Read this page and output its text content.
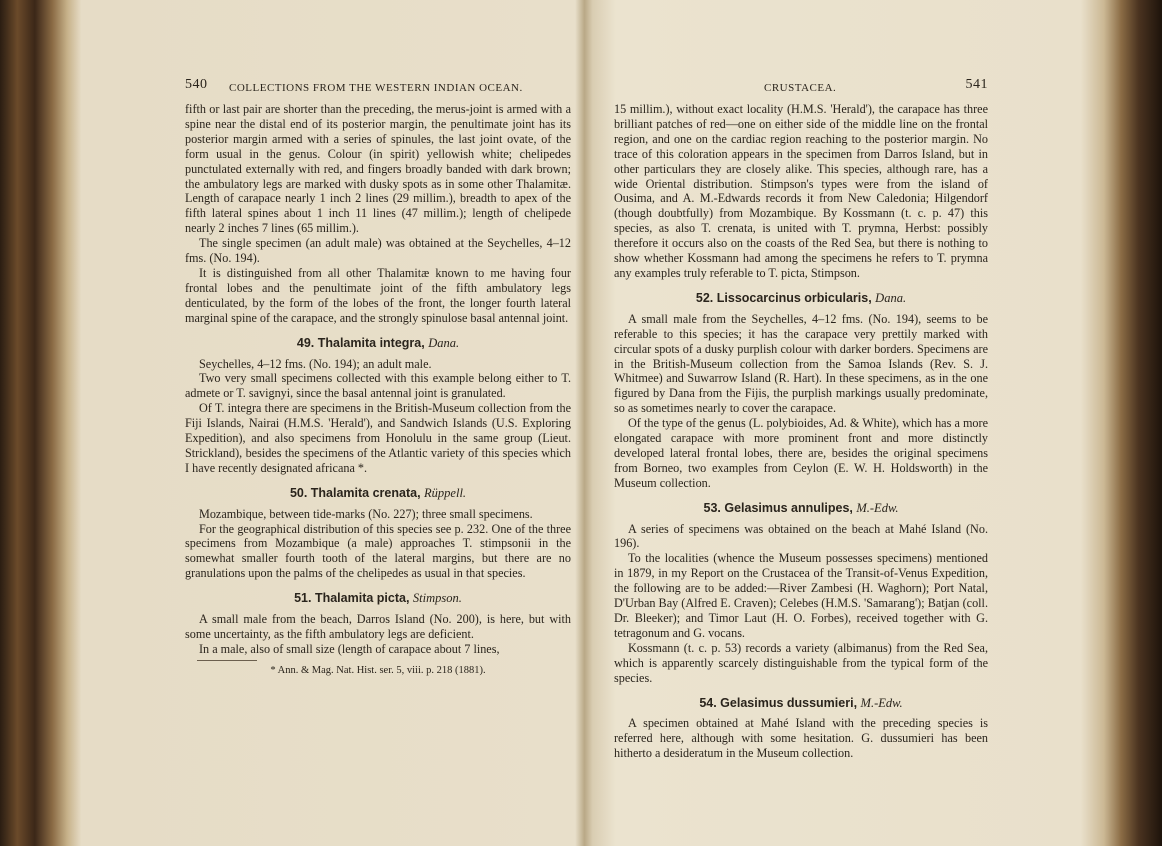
540 COLLECTIONS FROM THE WESTERN INDIAN OCEAN.

fifth or last pair are shorter than the preceding, the merus-joint is armed with a spine near the distal end of its posterior margin, the penultimate joint has its posterior margin armed with a series of spinules, the last joint ovate, of the form usual in the genus. Colour (in spirit) yellowish white; chelipedes punctulated externally with red, and fingers broadly banded with dark brown; the ambulatory legs are marked with dusky spots as in some other Thalamitæ. Length of carapace nearly 1 inch 2 lines (29 millim.), breadth to apex of the fifth lateral spines about 1 inch 11 lines (47 millim.); length of chelipede nearly 2 inches 7 lines (65 millim.).

The single specimen (an adult male) was obtained at the Seychelles, 4–12 fms. (No. 194).

It is distinguished from all other Thalamitæ known to me having four frontal lobes and the penultimate joint of the fifth ambulatory legs denticulated, by the form of the lobes of the front, the longer fourth lateral marginal spine of the carapace, and the strongly spinulose basal antennal joint.

49. Thalamita integra, Dana.

Seychelles, 4–12 fms. (No. 194); an adult male.

Two very small specimens collected with this example belong either to T. admete or T. savignyi, since the basal antennal joint is granulated.

Of T. integra there are specimens in the British-Museum collection from the Fiji Islands, Nairai (H.M.S. 'Herald'), and Sandwich Islands (U.S. Exploring Expedition), and also specimens from Honolulu in the same group (Lieut. Strickland), besides the specimens of the Atlantic variety of this species which I have recently designated africana *.

50. Thalamita crenata, Rüppell.

Mozambique, between tide-marks (No. 227); three small specimens.

For the geographical distribution of this species see p. 232. One of the three specimens from Mozambique (a male) approaches T. stimpsonii in the somewhat smaller fourth tooth of the lateral margins, but there are no granulations upon the palms of the chelipedes as usual in that species.

51. Thalamita picta, Stimpson.

A small male from the beach, Darros Island (No. 200), is here, but with some uncertainty, as the fifth ambulatory legs are deficient.

In a male, also of small size (length of carapace about 7 lines,

* Ann. & Mag. Nat. Hist. ser. 5, viii. p. 218 (1881).
CRUSTACEA.	541

15 millim.), without exact locality (H.M.S. 'Herald'), the carapace has three brilliant patches of red—one on either side of the middle line on the frontal region, and one on the cardiac region reaching to the posterior margin. No trace of this coloration appears in the specimen from Darros Island, but in other particulars they are closely alike. This species, although rare, has a wide Oriental distribution. Stimpson's types were from the island of Ousima, and A. M.-Edwards records it from New Caledonia; Hilgendorf (though doubtfully) from Mozambique. By Kossmann (t. c. p. 47) this species, as also T. crenata, is united with T. prymna, Herbst: possibly therefore it occurs also on the coasts of the Red Sea, but there is nothing to show whether Kossmann had among the specimens he refers to T. prymna any examples truly referable to T. picta, Stimpson.

52. Lissocarcinus orbicularis, Dana.

A small male from the Seychelles, 4–12 fms. (No. 194), seems to be referable to this species; it has the carapace very prettily marked with circular spots of a dusky purplish colour with darker borders. Specimens are in the British-Museum collection from the Samoa Islands (Rev. S. J. Whitmee) and Suwarrow Island (R. Hart). In these specimens, as in the one figured by Dana from the Fijis, the purplish markings usually predominate, so as sometimes nearly to cover the carapace.

Of the type of the genus (L. polybioides, Ad. & White), which has a more elongated carapace with more prominent front and more distinctly developed lateral frontal lobes, there are, besides the original specimens from Borneo, two examples from Ceylon (E. W. H. Holdsworth) in the Museum collection.

53. Gelasimus annulipes, M.-Edw.

A series of specimens was obtained on the beach at Mahé Island (No. 196).

To the localities (whence the Museum possesses specimens) mentioned in 1879, in my Report on the Crustacea of the Transit-of-Venus Expedition, the following are to be added:—River Zambesi (H. Waghorn); Port Natal, D'Urban Bay (Alfred E. Craven); Celebes (H.M.S. 'Samarang'); Batjan (coll. Dr. Bleeker); and Timor Laut (H. O. Forbes), received together with G. tetragonum and G. vocans.

Kossmann (t. c. p. 53) records a variety (albimanus) from the Red Sea, which is apparently scarcely distinguishable from the typical form of the species.

54. Gelasimus dussumieri, M.-Edw.

A specimen obtained at Mahé Island with the preceding species is referred here, although with some hesitation. G. dussumieri has been hitherto a desideratum in the Museum collection.
